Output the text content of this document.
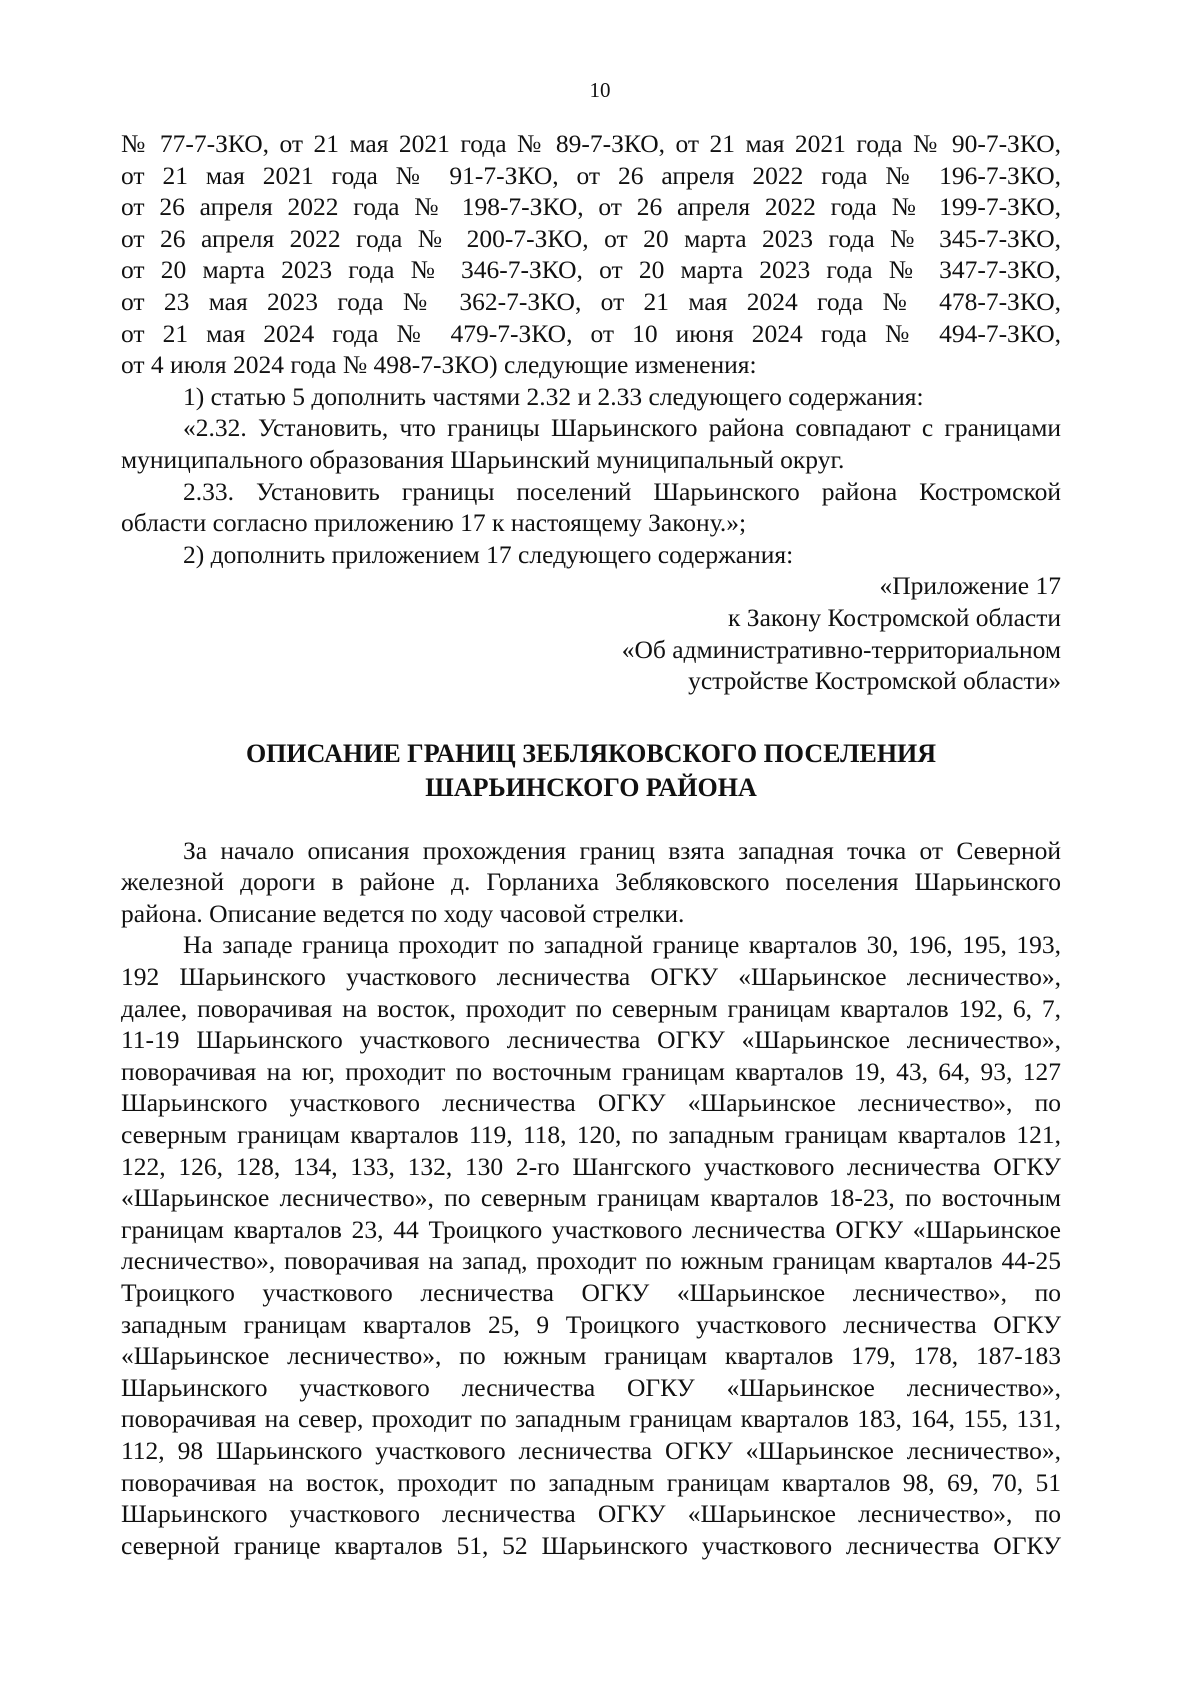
10
№ 77-7-ЗКО, от 21 мая 2021 года № 89-7-ЗКО, от 21 мая 2021 года № 90-7-ЗКО,
от 21 мая 2021 года № 91-7-ЗКО, от 26 апреля 2022 года № 196-7-ЗКО,
от 26 апреля 2022 года № 198-7-ЗКО, от 26 апреля 2022 года № 199-7-ЗКО,
от 26 апреля 2022 года № 200-7-ЗКО, от 20 марта 2023 года № 345-7-ЗКО,
от 20 марта 2023 года № 346-7-ЗКО, от 20 марта 2023 года № 347-7-ЗКО,
от 23 мая 2023 года № 362-7-ЗКО, от 21 мая 2024 года № 478-7-ЗКО,
от 21 мая 2024 года № 479-7-ЗКО, от 10 июня 2024 года № 494-7-ЗКО,
от 4 июля 2024 года № 498-7-ЗКО) следующие изменения:
1) статью 5 дополнить частями 2.32 и 2.33 следующего содержания:
«2.32. Установить, что границы Шарьинского района совпадают с границами
муниципального образования Шарьинский муниципальный округ.
2.33. Установить границы поселений Шарьинского района Костромской
области согласно приложению 17 к настоящему Закону.»;
2) дополнить приложением 17 следующего содержания:
«Приложение 17
к Закону Костромской области
«Об административно-территориальном
устройстве Костромской области»
ОПИСАНИЕ ГРАНИЦ ЗЕБЛЯКОВСКОГО ПОСЕЛЕНИЯ
ШАРЬИНСКОГО РАЙОНА
За начало описания прохождения границ взята западная точка от Северной
железной дороги в районе д. Горланиха Зебляковского поселения Шарьинского
района. Описание ведется по ходу часовой стрелки.
На западе граница проходит по западной границе кварталов 30, 196, 195, 193,
192 Шарьинского участкового лесничества ОГКУ «Шарьинское лесничество»,
далее, поворачивая на восток, проходит по северным границам кварталов 192, 6, 7,
11-19 Шарьинского участкового лесничества ОГКУ «Шарьинское лесничество»,
поворачивая на юг, проходит по восточным границам кварталов 19, 43, 64, 93, 127
Шарьинского участкового лесничества ОГКУ «Шарьинское лесничество», по
северным границам кварталов 119, 118, 120, по западным границам кварталов 121,
122, 126, 128, 134, 133, 132, 130 2-го Шангского участкового лесничества ОГКУ
«Шарьинское лесничество», по северным границам кварталов 18-23, по восточным
границам кварталов 23, 44 Троицкого участкового лесничества ОГКУ «Шарьинское
лесничество», поворачивая на запад, проходит по южным границам кварталов 44-25
Троицкого участкового лесничества ОГКУ «Шарьинское лесничество», по
западным границам кварталов 25, 9 Троицкого участкового лесничества ОГКУ
«Шарьинское лесничество», по южным границам кварталов 179, 178, 187-183
Шарьинского участкового лесничества ОГКУ «Шарьинское лесничество»,
поворачивая на север, проходит по западным границам кварталов 183, 164, 155, 131,
112, 98 Шарьинского участкового лесничества ОГКУ «Шарьинское лесничество»,
поворачивая на восток, проходит по западным границам кварталов 98, 69, 70, 51
Шарьинского участкового лесничества ОГКУ «Шарьинское лесничество», по
северной границе кварталов 51, 52 Шарьинского участкового лесничества ОГКУ
